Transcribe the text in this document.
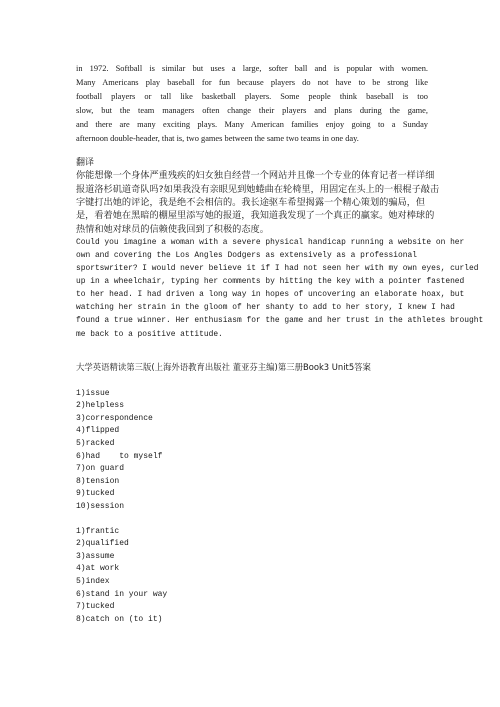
in 1972. Softball is similar but uses a large, softer ball and is popular with women.
Many Americans play baseball for fun because players do not have to be strong like
football players or tall like basketball players. Some people think baseball is too
slow, but the team managers often change their players and plans during the game,
and there are many exciting plays. Many American families enjoy going to a Sunday
afternoon double-header, that is, two games between the same two teams in one day.
翻译
你能想像一个身体严重残疾的妇女独自经营一个网站并且像一个专业的体育记者一样详细
报道洛杉矶道奇队吗?如果我没有亲眼见到她蜷曲在轮椅里，用固定在头上的一根棍子敲击
字键打出她的评论，我是绝不会相信的。我长途驱车希望揭露一个精心策划的骗局，但
是，看着她在黑暗的棚屋里添写她的报道，我知道我发现了一个真正的赢家。她对棒球的
热情和她对球员的信赖使我回到了积极的态度。
Could you imagine a woman with a severe physical handicap running a website on her
own and covering the Los Angles Dodgers as extensively as a professional
sportswriter? I would never believe it if I had not seen her with my own eyes, curled
up in a wheelchair, typing her comments by hitting the key with a pointer fastened
to her head. I had driven a long way in hopes of uncovering an elaborate hoax, but
watching her strain in the gloom of her shanty to add to her story, I knew I had
found a true winner. Her enthusiasm for the game and her trust in the athletes brought
me back to a positive attitude.
大学英语精读第三版(上海外语教育出版社 董亚芬主编)第三册Book3 Unit5答案
1)issue
2)helpless
3)correspondence
4)flipped
5)racked
6)had    to myself
7)on guard
8)tension
9)tucked
10)session
1)frantic
2)qualified
3)assume
4)at work
5)index
6)stand in your way
7)tucked
8)catch on (to it)
